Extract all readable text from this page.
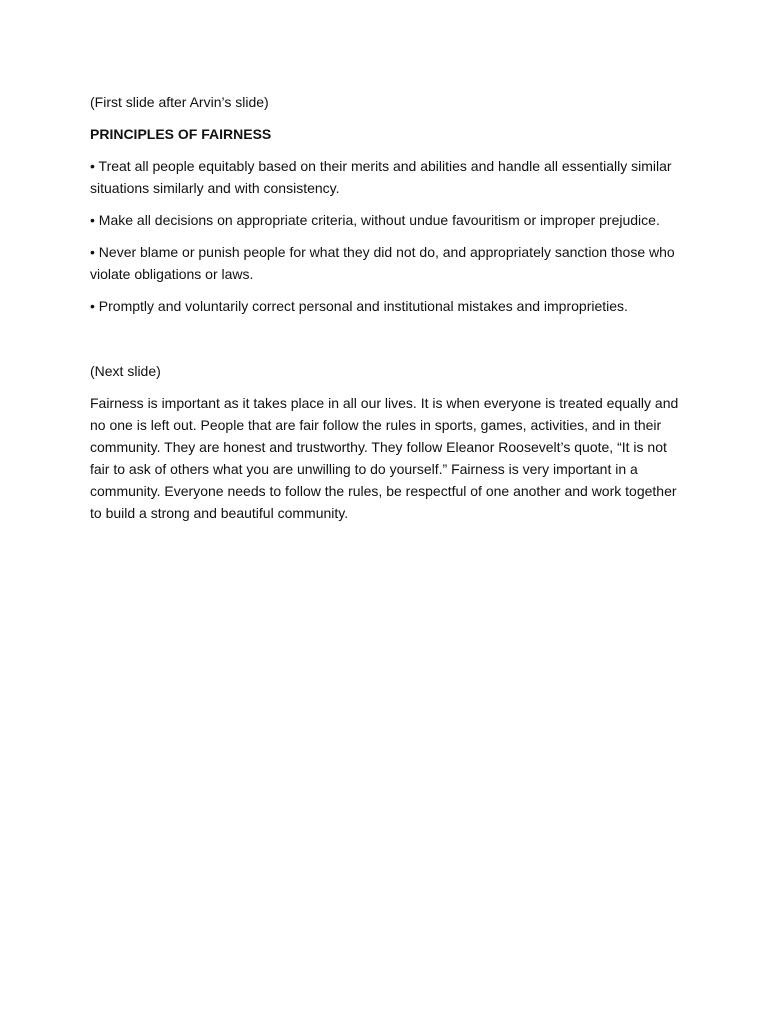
(First slide after Arvin’s slide)

PRINCIPLES OF FAIRNESS

• Treat all people equitably based on their merits and abilities and handle all essentially similar situations similarly and with consistency.

• Make all decisions on appropriate criteria, without undue favouritism or improper prejudice.

• Never blame or punish people for what they did not do, and appropriately sanction those who violate obligations or laws.

• Promptly and voluntarily correct personal and institutional mistakes and improprieties.

(Next slide)

Fairness is important as it takes place in all our lives. It is when everyone is treated equally and no one is left out. People that are fair follow the rules in sports, games, activities, and in their community. They are honest and trustworthy. They follow Eleanor Roosevelt’s quote, “It is not fair to ask of others what you are unwilling to do yourself.” Fairness is very important in a community. Everyone needs to follow the rules, be respectful of one another and work together to build a strong and beautiful community.
